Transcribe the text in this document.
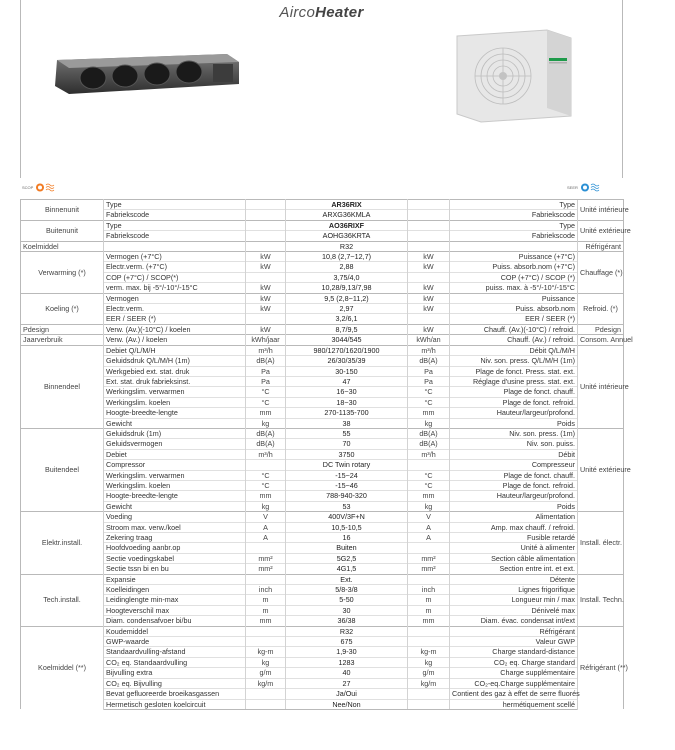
AircoHeater
SCOP	SEER
Binnenunit	Type		AR36RIX		Type	Unité intérieure
	Fabriekscode		ARXG36KMLA		Fabriekscode	
Buitenunit	Type		AO36RIXF		Type	Unité extérieure
	Fabriekscode		AOHG36KRTA		Fabriekscode	
Koelmiddel			R32			Réfrigérant
Verwarming (*)	Vermogen (+7°C)	kW	10,8 (2,7~12,7)	kW	Puissance (+7°C)	Chauffage (*)
	Electr.verm. (+7°C)	kW	2,88	kW	Puiss. absorb.nom (+7°C)	
	COP (+7°C) / SCOP(*)		3,75/4,0		COP (+7°C) / SCOP (*)	
	verm. max. bij -5°/-10°/-15°C	kW	10,28/9,13/7,98	kW	puiss. max. à -5°/-10°/-15°C	
Koeling (*)	Vermogen	kW	9,5 (2,8~11,2)	kW	Puissance	Refroid. (*)
	Electr.verm.	kW	2,97	kW	Puiss. absorb.nom	
	EER / SEER (*)		3,2/6,1		EER / SEER (*)	
Pdesign	Verw. (Av.)(-10°C) / koelen	kW	8,7/9,5	kW	Chauff. (Av.)(-10°C) / refroid.	Pdesign
Jaarverbruik	Verw. (Av.) / koelen	kWh/jaar	3044/545	kWh/an	Chauff. (Av.) / refroid.	Consom. Annuel
Binnendeel	Debiet Q/L/M/H	m³/h	980/1270/1620/1900	m³/h	Débit Q/L/M/H	Unité intérieure
	Geluidsdruk Q/L/M/H (1m)	dB(A)	26/30/35/39	dB(A)	Niv. son. press. Q/L/M/H (1m)	
	Werkgebied ext. stat. druk	Pa	30-150	Pa	Plage de fonct. Press. stat. ext.	
	Ext. stat. druk fabrieksinst.	Pa	47	Pa	Réglage d'usine press. stat. ext.	
	Werkingslim. verwarmen	°C	16~30	°C	Plage de fonct. chauff.	
	Werkingslim. koelen	°C	18~30	°C	Plage de fonct. refroid.	
	Hoogte-breedte-lengte	mm	270-1135-700	mm	Hauteur/largeur/profond.	
	Gewicht	kg	38	kg	Poids	
Buitendeel	Geluidsdruk (1m)	dB(A)	55	dB(A)	Niv. son. press. (1m)	Unité extérieure
	Geluidsvermogen	dB(A)	70	dB(A)	Niv. son. puiss.	
	Debiet	m³/h	3750	m³/h	Débit	
	Compressor		DC Twin rotary		Compresseur	
	Werkingslim. verwarmen	°C	-15~24	°C	Plage de fonct. chauff.	
	Werkingslim. koelen	°C	-15~46	°C	Plage de fonct. refroid.	
	Hoogte-breedte-lengte	mm	788-940-320	mm	Hauteur/largeur/profond.	
	Gewicht	kg	53	kg	Poids	
Elektr.install.	Voeding	V	400V/3F+N	V	Alimentation	Install. électr.
	Stroom max. verw./koel	A	10,5-10,5	A	Amp. max chauff. / refroid.	
	Zekering traag	A	16	A	Fusible retardé	
	Hoofdvoeding aanbr.op		Buiten		Unité à alimenter	
	Sectie voedingskabel	mm²	5G2,5	mm²	Section câble alimentation	
	Sectie tssn bi en bu	mm²	4G1,5	mm²	Section entre int. et ext.	
Tech.install.	Expansie		Ext.		Détente	Install. Techn.
	Koelleidingen	inch	5/8-3/8	inch	Lignes frigorifique	
	Leidinglengte min-max	m	5-50	m	Longueur min / max	
	Hoogteverschil max	m	30	m	Dénivelé max	
	Diam. condensafvoer bi/bu	mm	36/38	mm	Diam. évac. condensat int/ext	
Koelmiddel (**)	Koudemiddel		R32		Réfrigérant	Réfrigérant (**)
	GWP-waarde		675		Valeur GWP	
	Standaardvulling-afstand	kg-m	1,9-30	kg-m	Charge standard-distance	
	CO₂ eq. Standaardvulling	kg	1283	kg	CO₂ eq. Charge standard	
	Bijvulling extra	g/m	40	g/m	Charge supplémentaire	
	CO₂ eq. Bijvulling	kg/m	27	kg/m	CO₂-eq.Charge supplémentaire	
	Bevat gefluoreerde broeikasgassen		Ja/Oui		Contient des gaz à effet de serre fluorés	
	Hermetisch gesloten koelcircuit		Nee/Non		hermétiquement scellé	
